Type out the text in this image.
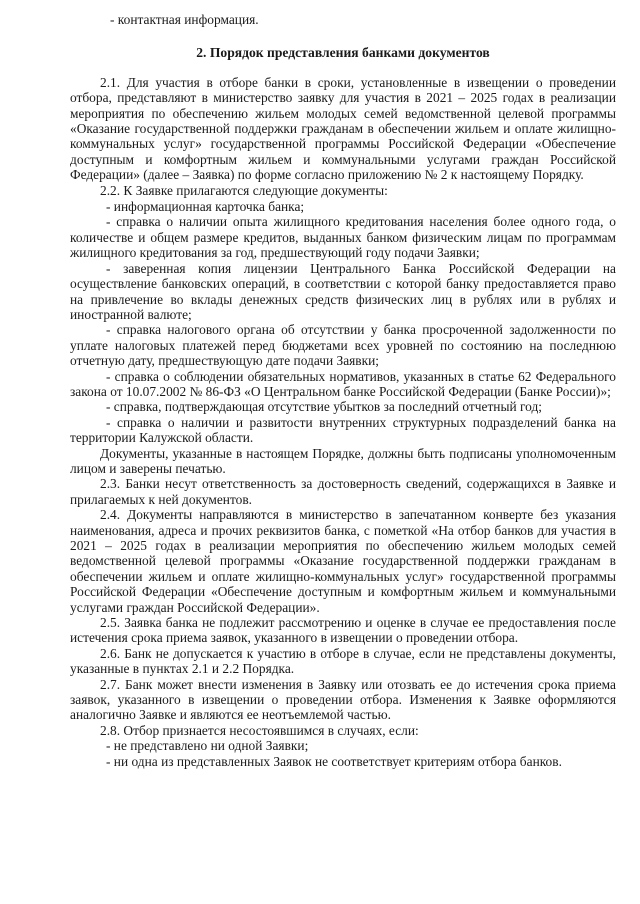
- контактная информация.

2. Порядок представления банками документов

2.1. Для участия в отборе банки в сроки, установленные в извещении о проведении отбора, представляют в министерство заявку для участия в 2021 – 2025 годах в реализации мероприятия по обеспечению жильем молодых семей ведомственной целевой программы «Оказание государственной поддержки гражданам в обеспечении жильем и оплате жилищно-коммунальных услуг» государственной программы Российской Федерации «Обеспечение доступным и комфортным жильем и коммунальными услугами граждан Российской Федерации» (далее – Заявка) по форме согласно приложению № 2 к настоящему Порядку.

2.2. К Заявке прилагаются следующие документы:

- информационная карточка банка;

- справка о наличии опыта жилищного кредитования населения более одного года, о количестве и общем размере кредитов, выданных банком физическим лицам по программам жилищного кредитования за год, предшествующий году подачи Заявки;

- заверенная копия лицензии Центрального Банка Российской Федерации на осуществление банковских операций, в соответствии с которой банку предоставляется право на привлечение во вклады денежных средств физических лиц в рублях или в рублях и иностранной валюте;

- справка налогового органа об отсутствии у банка просроченной задолженности по уплате налоговых платежей перед бюджетами всех уровней по состоянию на последнюю отчетную дату, предшествующую дате подачи Заявки;

- справка о соблюдении обязательных нормативов, указанных в статье 62 Федерального закона от 10.07.2002 № 86-ФЗ «О Центральном банке Российской Федерации (Банке России)»;

- справка, подтверждающая отсутствие убытков за последний отчетный год;

- справка о наличии и развитости внутренних структурных подразделений банка на территории Калужской области.

Документы, указанные в настоящем Порядке, должны быть подписаны уполномоченным лицом и заверены печатью.

2.3. Банки несут ответственность за достоверность сведений, содержащихся в Заявке и прилагаемых к ней документов.

2.4. Документы направляются в министерство в запечатанном конверте без указания наименования, адреса и прочих реквизитов банка, с пометкой «На отбор банков для участия в 2021 – 2025 годах в реализации мероприятия по обеспечению жильем молодых семей ведомственной целевой программы «Оказание государственной поддержки гражданам в обеспечении жильем и оплате жилищно-коммунальных услуг» государственной программы Российской Федерации «Обеспечение доступным и комфортным жильем и коммунальными услугами граждан Российской Федерации».

2.5. Заявка банка не подлежит рассмотрению и оценке в случае ее предоставления после истечения срока приема заявок, указанного в извещении о проведении отбора.

2.6. Банк не допускается к участию в отборе в случае, если не представлены документы, указанные в пунктах 2.1 и 2.2 Порядка.

2.7. Банк может внести изменения в Заявку или отозвать ее до истечения срока приема заявок, указанного в извещении о проведении отбора. Изменения к Заявке оформляются аналогично Заявке и являются ее неотъемлемой частью.

2.8. Отбор признается несостоявшимся в случаях, если:

- не представлено ни одной Заявки;

- ни одна из представленных Заявок не соответствует критериям отбора банков.
